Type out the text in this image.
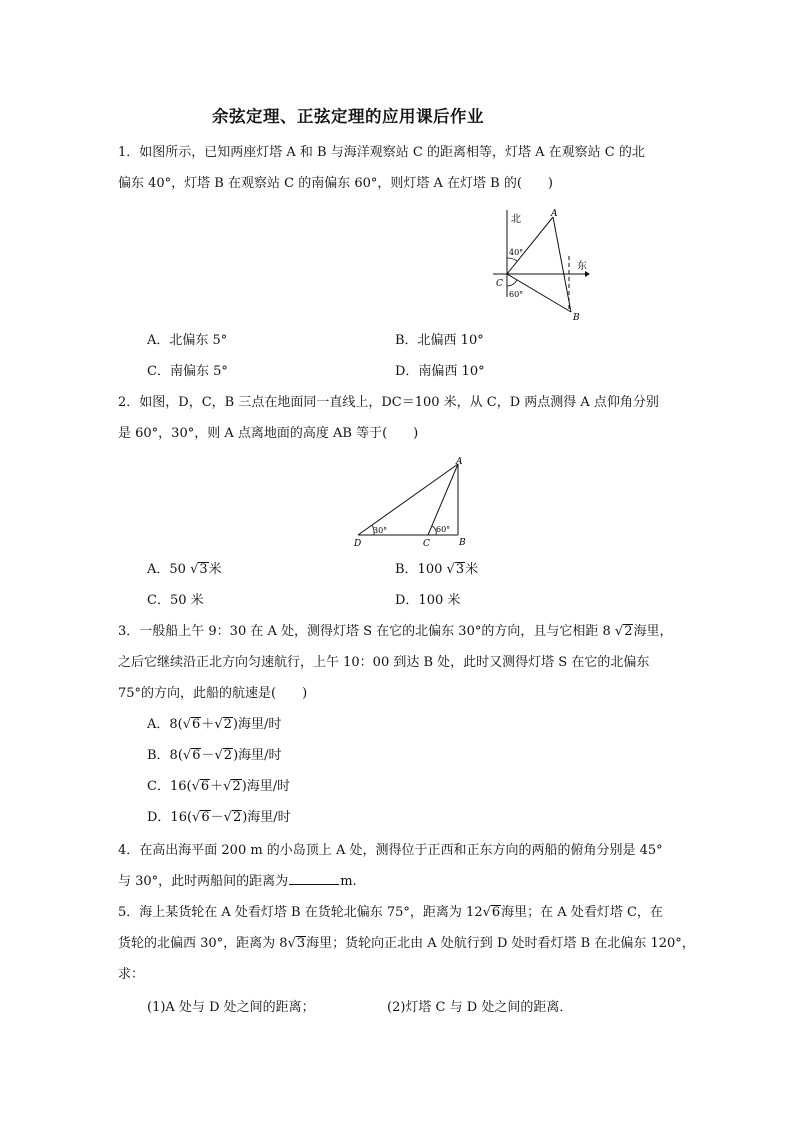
余弦定理、正弦定理的应用课后作业
1．如图所示，已知两座灯塔 A 和 B 与海洋观察站 C 的距离相等，灯塔 A 在观察站 C 的北
偏东 40°，灯塔 B 在观察站 C 的南偏东 60°，则灯塔 A 在灯塔 B 的(　　)
北
东
A
B
C
40°
60°
A．北偏东 5°	B．北偏西 10°
C．南偏东 5°	D．南偏西 10°
2．如图，D，C，B 三点在地面同一直线上，DC＝100 米，从 C，D 两点测得 A 点仰角分别
是 60°，30°，则 A 点离地面的高度 AB 等于(　　)
A
B
C
D
30°	60°
A．50 √3米	B．100 √3米
C．50 米	D．100 米
3．一般船上午 9：30 在 A 处，测得灯塔 S 在它的北偏东 30°的方向，且与它相距 8 √2海里，
之后它继续沿正北方向匀速航行，上午 10：00 到达 B 处，此时又测得灯塔 S 在它的北偏东
75°的方向，此船的航速是(　　)
A．8(√6＋√2)海里/时
B．8(√6－√2)海里/时
C．16(√6＋√2)海里/时
D．16(√6－√2)海里/时
4．在高出海平面 200 m 的小岛顶上 A 处，测得位于正西和正东方向的两船的俯角分别是 45°
与 30°，此时两船间的距离为	m.
5．海上某货轮在 A 处看灯塔 B 在货轮北偏东 75°，距离为 12√6海里；在 A 处看灯塔 C，在
货轮的北偏西 30°，距离为 8√3海里；货轮向正北由 A 处航行到 D 处时看灯塔 B 在北偏东 120°，
求：
(1)A 处与 D 处之间的距离；	(2)灯塔 C 与 D 处之间的距离．
